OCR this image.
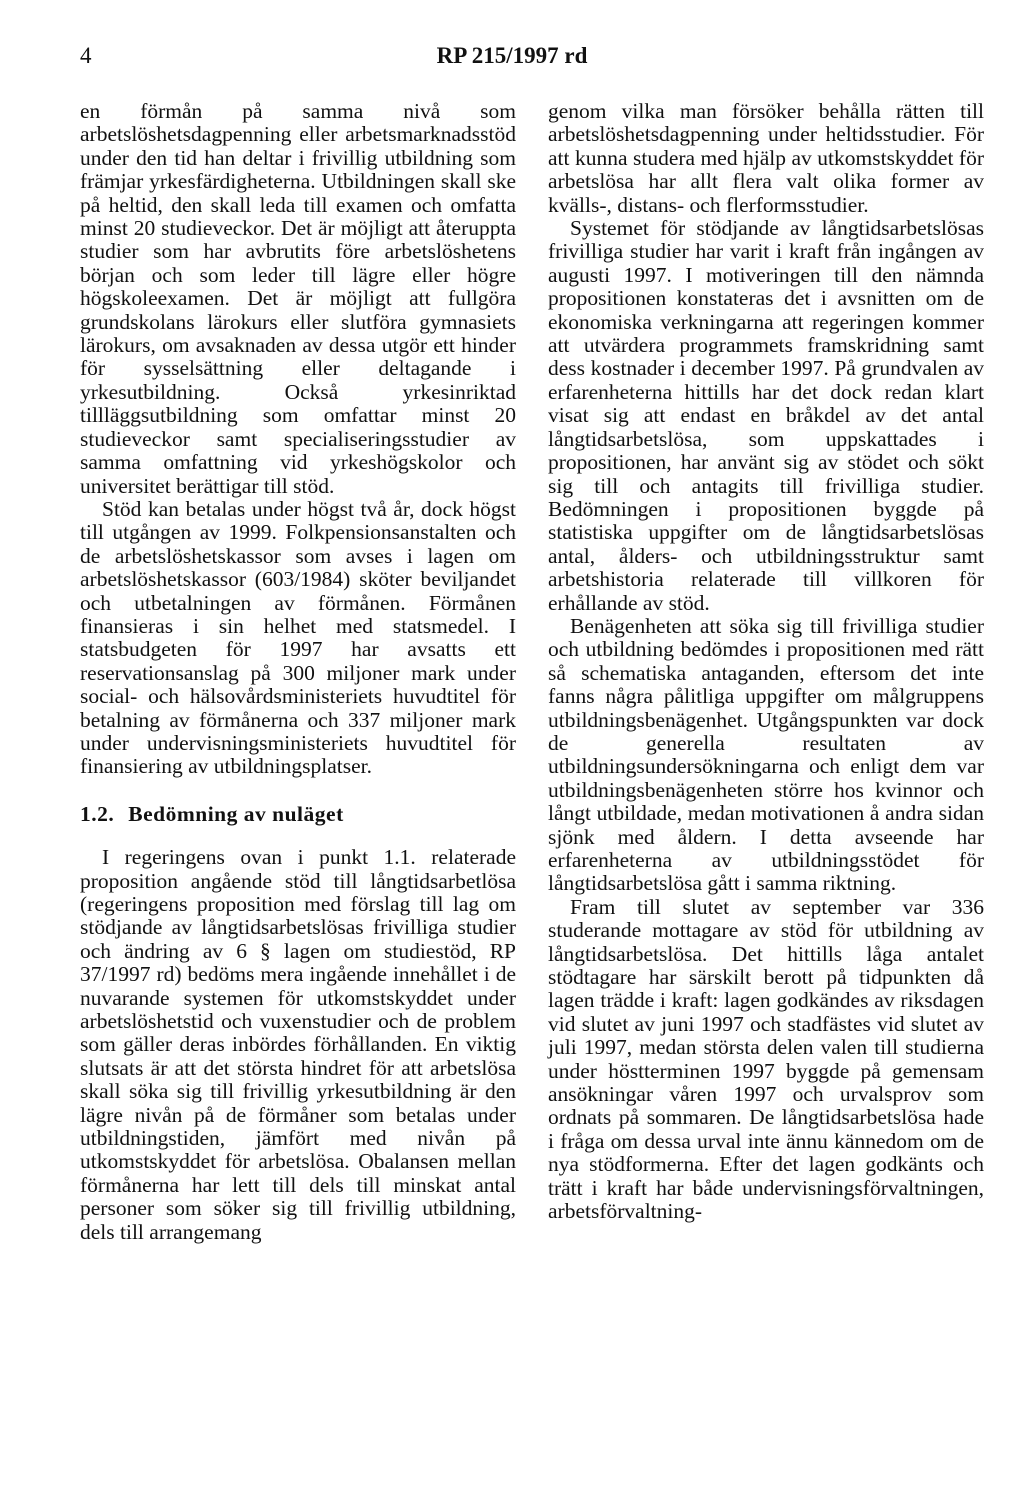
4	RP 215/1997 rd

en förmån på samma nivå som arbetslöshetsdagpenning eller arbetsmarknadsstöd under den tid han deltar i frivillig utbildning som främjar yrkesfärdigheterna. Utbildningen skall ske på heltid, den skall leda till examen och omfatta minst 20 studieveckor. Det är möjligt att återuppta studier som har avbrutits före arbetslöshetens början och som leder till lägre eller högre högskoleexamen. Det är möjligt att fullgöra grundskolans lärokurs eller slutföra gymnasiets lärokurs, om avsaknaden av dessa utgör ett hinder för sysselsättning eller deltagande i yrkesutbildning. Också yrkesinriktad tillläggsutbildning som omfattar minst 20 studieveckor samt specialiseringsstudier av samma omfattning vid yrkeshögskolor och universitet berättigar till stöd.

Stöd kan betalas under högst två år, dock högst till utgången av 1999. Folkpensionsanstalten och de arbetslöshetskassor som avses i lagen om arbetslöshetskassor (603/1984) sköter beviljandet och utbetalningen av förmånen. Förmånen finansieras i sin helhet med statsmedel. I statsbudgeten för 1997 har avsatts ett reservationsanslag på 300 miljoner mark under social- och hälsovårdsministeriets huvudtitel för betalning av förmånerna och 337 miljoner mark under undervisningsministeriets huvudtitel för finansiering av utbildningsplatser.

1.2. Bedömning av nuläget

I regeringens ovan i punkt 1.1. relaterade proposition angående stöd till långtidsarbetlösa (regeringens proposition med förslag till lag om stödjande av långtidsarbetslösas frivilliga studier och ändring av 6 § lagen om studiestöd, RP 37/1997 rd) bedöms mera ingående innehållet i de nuvarande systemen för utkomstskyddet under arbetslöshetstid och vuxenstudier och de problem som gäller deras inbördes förhållanden. En viktig slutsats är att det största hindret för att arbetslösa skall söka sig till frivillig yrkesutbildning är den lägre nivån på de förmåner som betalas under utbildningstiden, jämfört med nivån på utkomstskyddet för arbetslösa. Obalansen mellan förmånerna har lett till dels till minskat antal personer som söker sig till frivillig utbildning, dels till arrangemang

genom vilka man försöker behålla rätten till arbetslöshetsdagpenning under heltidsstudier. För att kunna studera med hjälp av utkomstskyddet för arbetslösa har allt flera valt olika former av kvälls-, distans- och flerformsstudier.

Systemet för stödjande av långtidsarbetslösas frivilliga studier har varit i kraft från ingången av augusti 1997. I motiveringen till den nämnda propositionen konstateras det i avsnitten om de ekonomiska verkningarna att regeringen kommer att utvärdera programmets framskridning samt dess kostnader i december 1997. På grundvalen av erfarenheterna hittills har det dock redan klart visat sig att endast en bråkdel av det antal långtidsarbetslösa, som uppskattades i propositionen, har använt sig av stödet och sökt sig till och antagits till frivilliga studier. Bedömningen i propositionen byggde på statistiska uppgifter om de långtidsarbetslösas antal, ålders- och utbildningsstruktur samt arbetshistoria relaterade till villkoren för erhållande av stöd.

Benägenheten att söka sig till frivilliga studier och utbildning bedömdes i propositionen med rätt så schematiska antaganden, eftersom det inte fanns några pålitliga uppgifter om målgruppens utbildningsbenägenhet. Utgångspunkten var dock de generella resultaten av utbildningsundersökningarna och enligt dem var utbildningsbenägenheten större hos kvinnor och långt utbildade, medan motivationen å andra sidan sjönk med åldern. I detta avseende har erfarenheterna av utbildningsstödet för långtidsarbetslösa gått i samma riktning.

Fram till slutet av september var 336 studerande mottagare av stöd för utbildning av långtidsarbetslösa. Det hittills låga antalet stödtagare har särskilt berott på tidpunkten då lagen trädde i kraft: lagen godkändes av riksdagen vid slutet av juni 1997 och stadfästes vid slutet av juli 1997, medan största delen valen till studierna under höstterminen 1997 byggde på gemensam ansökningar våren 1997 och urvalsprov som ordnats på sommaren. De långtidsarbetslösa hade i fråga om dessa urval inte ännu kännedom om de nya stödformerna. Efter det lagen godkänts och trätt i kraft har både undervisningsförvaltningen, arbetsförvaltning-
